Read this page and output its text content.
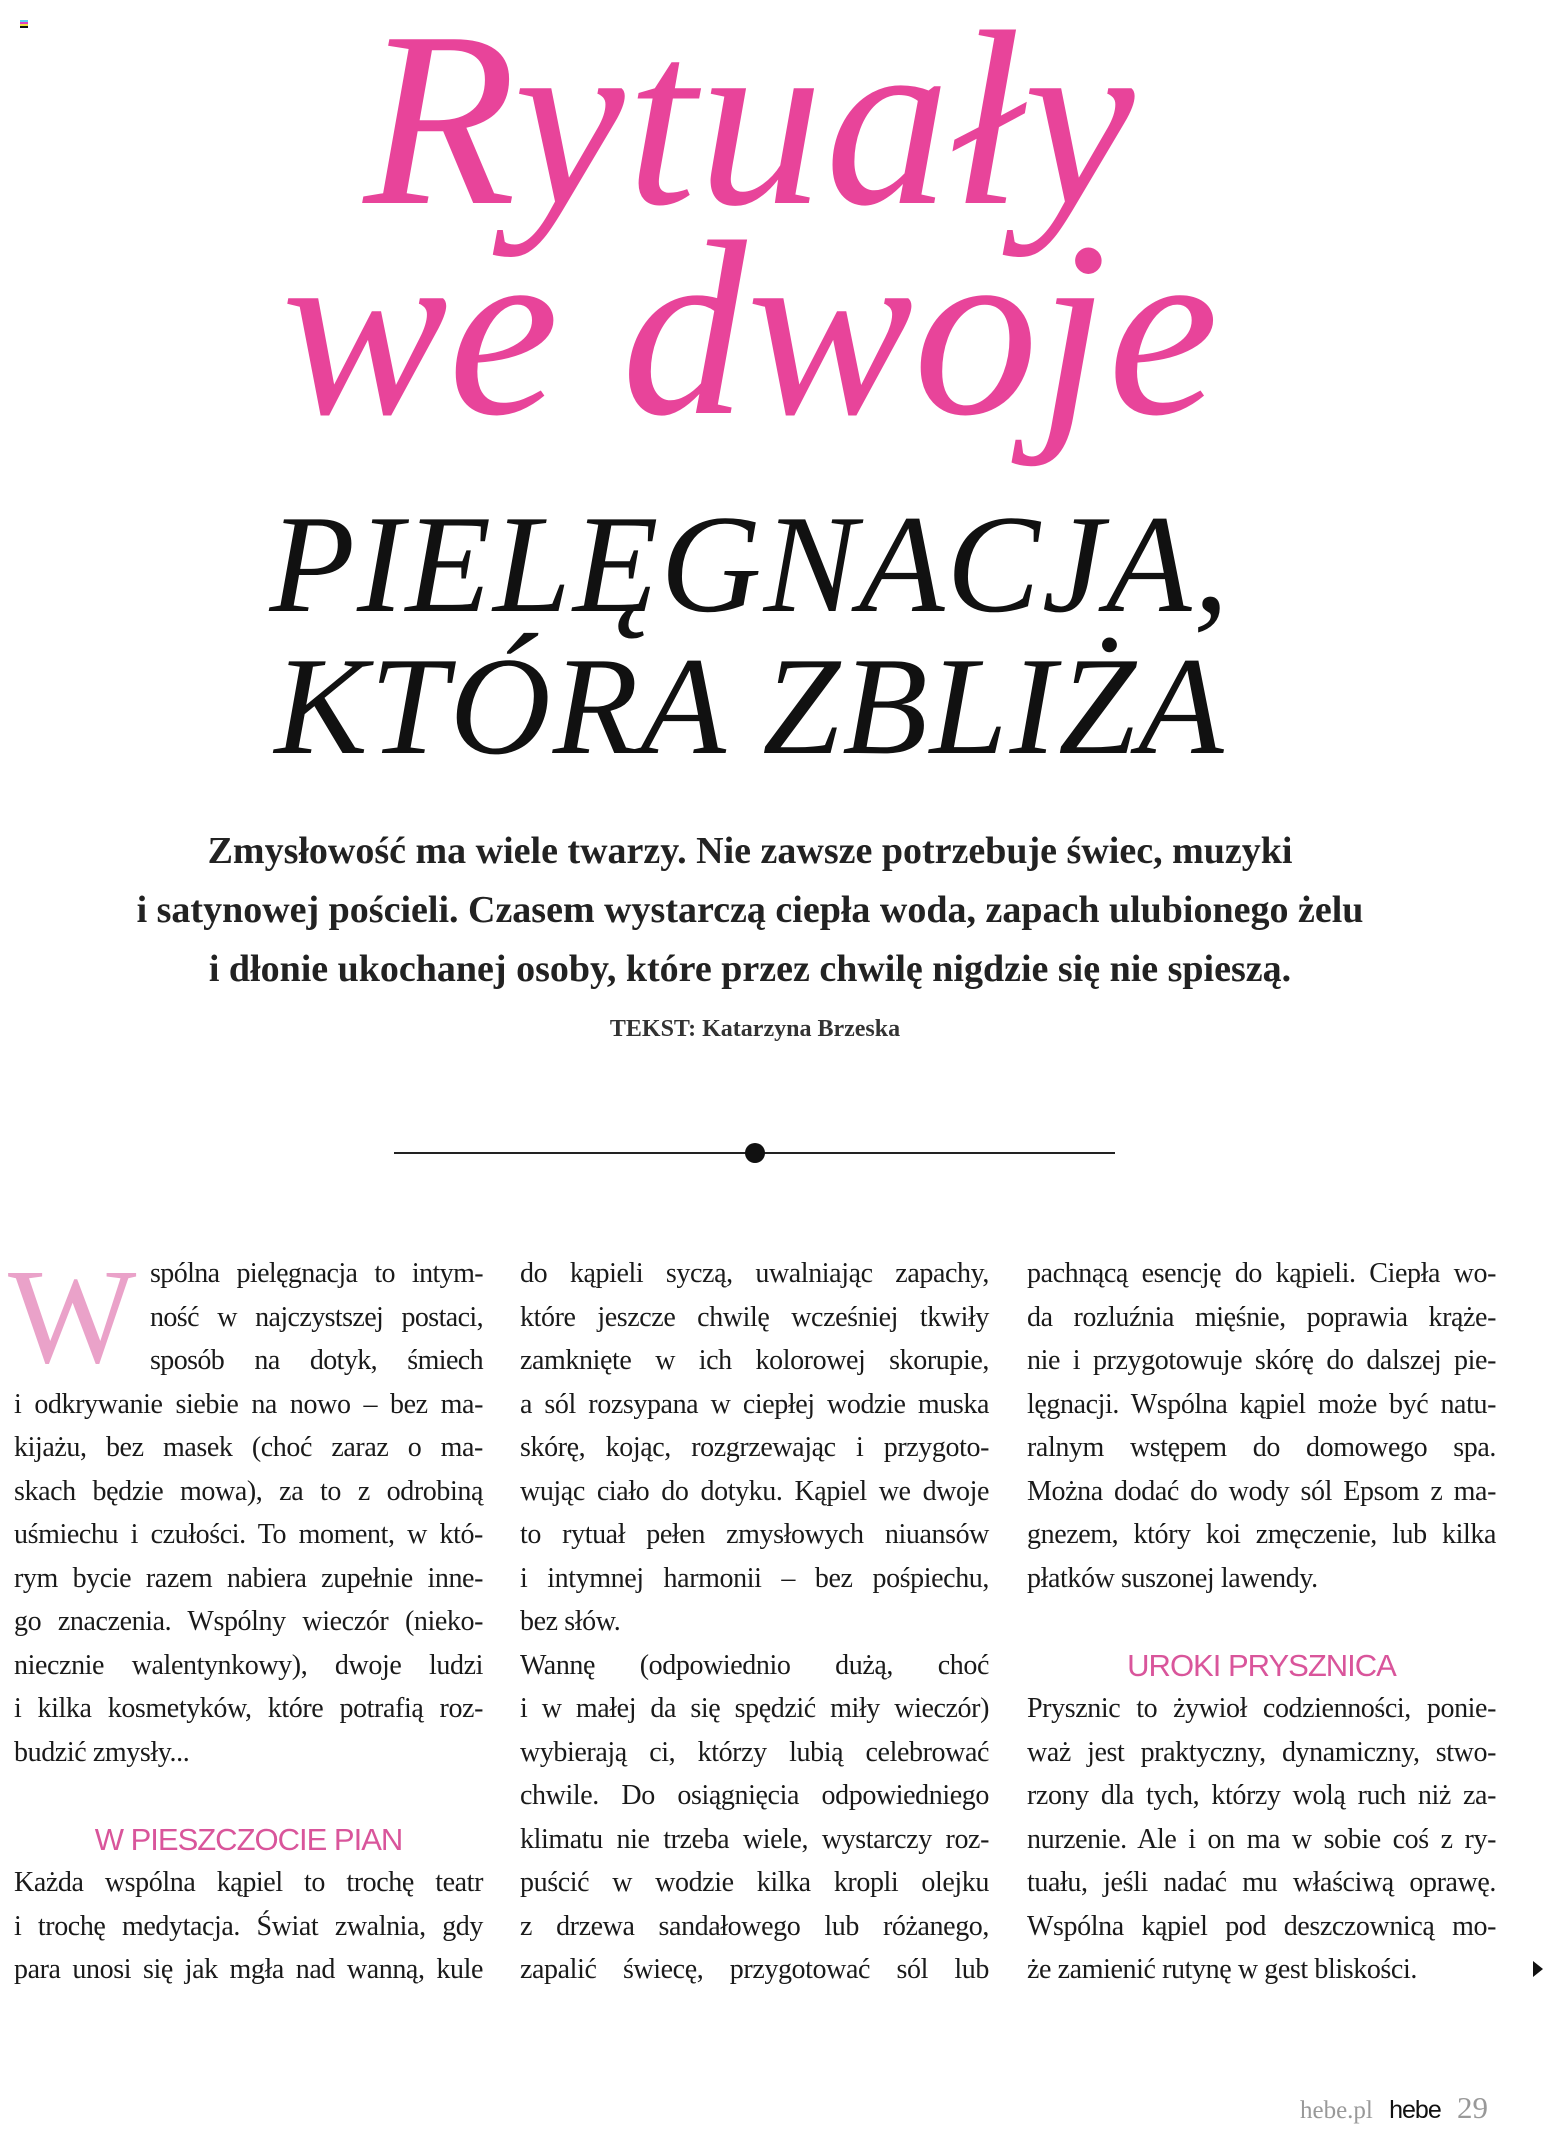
Rytuały
we dwoje
PIELĘGNACJA,
KTÓRA ZBLIŻA
Zmysłowość ma wiele twarzy. Nie zawsze potrzebuje świec, muzyki
i satynowej pościeli. Czasem wystarczą ciepła woda, zapach ulubionego żelu
i dłonie ukochanej osoby, które przez chwilę nigdzie się nie spieszą.
TEKST: Katarzyna Brzeska
W spólna pielęgnacja to intym-
ność w najczystszej postaci,
sposób na dotyk, śmiech
i odkrywanie siebie na nowo – bez ma-
kijażu, bez masek (choć zaraz o ma-
skach będzie mowa), za to z odrobiną
uśmiechu i czułości. To moment, w któ-
rym bycie razem nabiera zupełnie inne-
go znaczenia. Wspólny wieczór (nieko-
niecznie walentynkowy), dwoje ludzi
i kilka kosmetyków, które potrafią roz-
budzić zmysły...
W PIESZCZOCIE PIAN
Każda wspólna kąpiel to trochę teatr
i trochę medytacja. Świat zwalnia, gdy
para unosi się jak mgła nad wanną, kule
do kąpieli syczą, uwalniając zapachy,
które jeszcze chwilę wcześniej tkwiły
zamknięte w ich kolorowej skorupie,
a sól rozsypana w ciepłej wodzie muska
skórę, kojąc, rozgrzewając i przygoto-
wując ciało do dotyku. Kąpiel we dwoje
to rytuał pełen zmysłowych niuansów
i intymnej harmonii – bez pośpiechu,
bez słów.
Wannę (odpowiednio dużą, choć
i w małej da się spędzić miły wieczór)
wybierają ci, którzy lubią celebrować
chwile. Do osiągnięcia odpowiedniego
klimatu nie trzeba wiele, wystarczy roz-
puścić w wodzie kilka kropli olejku
z drzewa sandałowego lub różanego,
zapalić świecę, przygotować sól lub
pachnącą esencję do kąpieli. Ciepła wo-
da rozluźnia mięśnie, poprawia krąże-
nie i przygotowuje skórę do dalszej pie-
lęgnacji. Wspólna kąpiel może być natu-
ralnym wstępem do domowego spa.
Można dodać do wody sól Epsom z ma-
gnezem, który koi zmęczenie, lub kilka
płatków suszonej lawendy.
UROKI PRYSZNICA
Prysznic to żywioł codzienności, ponie-
waż jest praktyczny, dynamiczny, stwo-
rzony dla tych, którzy wolą ruch niż za-
nurzenie. Ale i on ma w sobie coś z ry-
tuału, jeśli nadać mu właściwą oprawę.
Wspólna kąpiel pod deszczownicą mo-
że zamienić rutynę w gest bliskości.
hebe.pl hebe 29
